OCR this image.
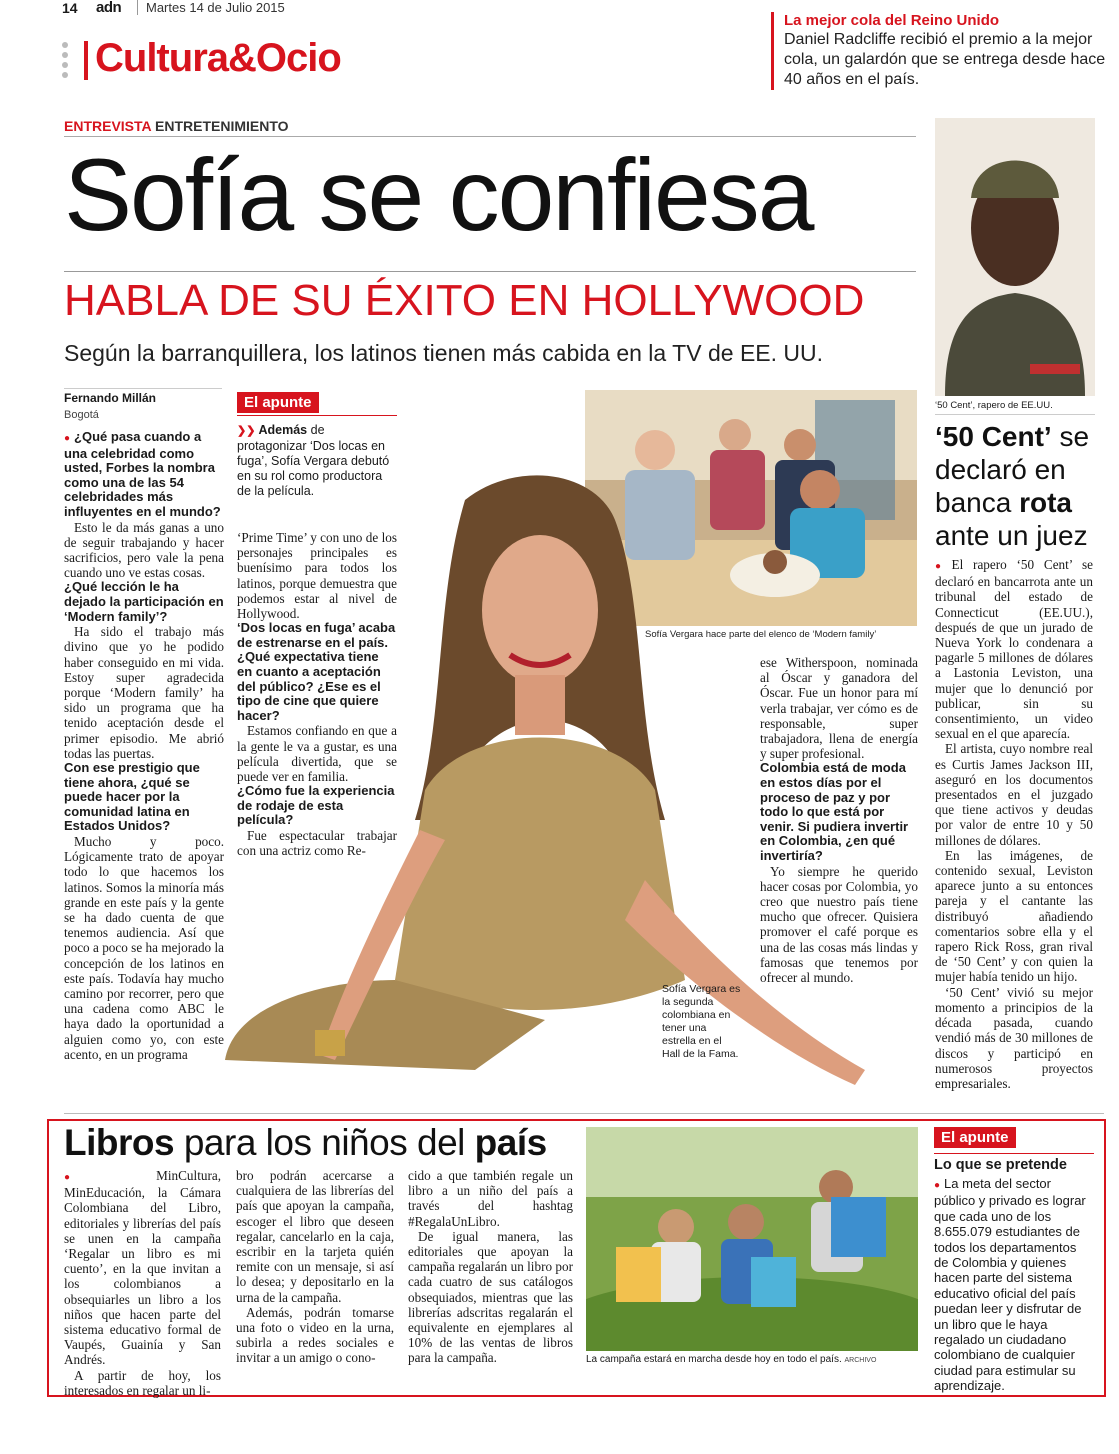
14 adn	Martes 14 de Julio 2015
Cultura&Ocio
La mejor cola del Reino Unido

Daniel Radcliffe recibió el premio a la mejor cola, un galardón que se entrega desde hace 40 años en el país.

ENTREVISTA ENTRETENIMIENTO
Sofía se confiesa
HABLA DE SU ÉXITO EN HOLLYWOOD
Según la barranquillera, los latinos tienen más cabida en la TV de EE. UU.
Sofía Vergara hace parte del elenco de ‘Modern family’
Sofía Vergara es la segunda colombiana en tener una estrella en el Hall de la Fama.
Fernando Millán
Bogotá

● ¿Qué pasa cuando a una celebridad como usted, Forbes la nombra como una de las 54 celebridades más influyentes en el mundo?

Esto le da más ganas a uno de seguir trabajando y hacer sacrificios, pero vale la pena cuando uno ve estas cosas.

¿Qué lección le ha dejado la participación en ‘Modern family’?

Ha sido el trabajo más divino que yo he podido haber conseguido en mi vida. Estoy super agradecida porque ‘Modern family’ ha sido un programa que ha tenido aceptación desde el primer episodio. Me abrió todas las puertas.

Con ese prestigio que tiene ahora, ¿qué se puede hacer por la comunidad latina en Estados Unidos?

Mucho y poco. Lógicamente trato de apoyar todo lo que hacemos los latinos. Somos la minoría más grande en este país y la gente se ha dado cuenta de que tenemos audiencia. Así que poco a poco se ha mejorado la concepción de los latinos en este país. Todavía hay mucho camino por recorrer, pero que una cadena como ABC le haya dado la oportunidad a alguien como yo, con este acento, en un programa

El apunte
❯❯ Además de protagonizar ‘Dos locas en fuga’, Sofía Vergara debutó en su rol como productora de la película.

‘Prime Time’ y con uno de los personajes principales es buenísimo para todos los latinos, porque demuestra que podemos estar al nivel de Hollywood.

‘Dos locas en fuga’ acaba de estrenarse en el país. ¿Qué expectativa tiene en cuanto a aceptación del público? ¿Ese es el tipo de cine que quiere hacer?

Estamos confiando en que a la gente le va a gustar, es una película divertida, que se puede ver en familia.

¿Cómo fue la experiencia de rodaje de esta película?

Fue espectacular trabajar con una actriz como Re-

ese Witherspoon, nominada al Óscar y ganadora del Óscar. Fue un honor para mí verla trabajar, ver cómo es de responsable, super trabajadora, llena de energía y super profesional.

Colombia está de moda en estos días por el proceso de paz y por todo lo que está por venir. Si pudiera invertir en Colombia, ¿en qué invertiría?

Yo siempre he querido hacer cosas por Colombia, yo creo que nuestro país tiene mucho que ofrecer. Quisiera promover el café porque es una de las cosas más lindas y famosas que tenemos por ofrecer al mundo.

‘50 Cent’, rapero de EE.UU.
‘50 Cent’ se declaró en banca rota ante un juez

● El rapero ‘50 Cent’ se declaró en bancarrota ante un tribunal del estado de Connecticut (EE.UU.), después de que un jurado de Nueva York lo condenara a pagarle 5 millones de dólares a Lastonia Leviston, una mujer que lo denunció por publicar, sin su consentimiento, un video sexual en el que aparecía.

El artista, cuyo nombre real es Curtis James Jackson III, aseguró en los documentos presentados en el juzgado que tiene activos y deudas por valor de entre 10 y 50 millones de dólares.

En las imágenes, de contenido sexual, Leviston aparece junto a su entonces pareja y el cantante las distribuyó añadiendo comentarios sobre ella y el rapero Rick Ross, gran rival de ‘50 Cent’ y con quien la mujer había tenido un hijo.

‘50 Cent’ vivió su mejor momento a principios de la década pasada, cuando vendió más de 30 millones de discos y participó en numerosos proyectos empresariales.

Libros para los niños del país

● MinCultura, MinEducación, la Cámara Colombiana del Libro, editoriales y librerías del país se unen en la campaña ‘Regalar un libro es mi cuento’, en la que invitan a los colombianos a obsequiarles un libro a los niños que hacen parte del sistema educativo formal de Vaupés, Guainía y San Andrés.

A partir de hoy, los interesados en regalar un li-

bro podrán acercarse a cualquiera de las librerías del país que apoyan la campaña, escoger el libro que deseen regalar, cancelarlo en la caja, escribir en la tarjeta quién remite con un mensaje, si así lo desea; y depositarlo en la urna de la campaña.

Además, podrán tomarse una foto o video en la urna, subirla a redes sociales e invitar a un amigo o cono-

cido a que también regale un libro a un niño del país a través del hashtag #RegalaUnLibro.

De igual manera, las editoriales que apoyan la campaña regalarán un libro por cada cuatro de sus catálogos obsequiados, mientras que las librerías adscritas regalarán el equivalente en ejemplares al 10% de las ventas de libros para la campaña.	La campaña estará en marcha desde hoy en todo el país. ARCHIVO
El apunte
Lo que se pretende

● La meta del sector público y privado es lograr que cada uno de los 8.655.079 estudiantes de todos los departamentos de Colombia y quienes hacen parte del sistema educativo oficial del país puedan leer y disfrutar de un libro que le haya regalado un ciudadano colombiano de cualquier ciudad para estimular su aprendizaje.
